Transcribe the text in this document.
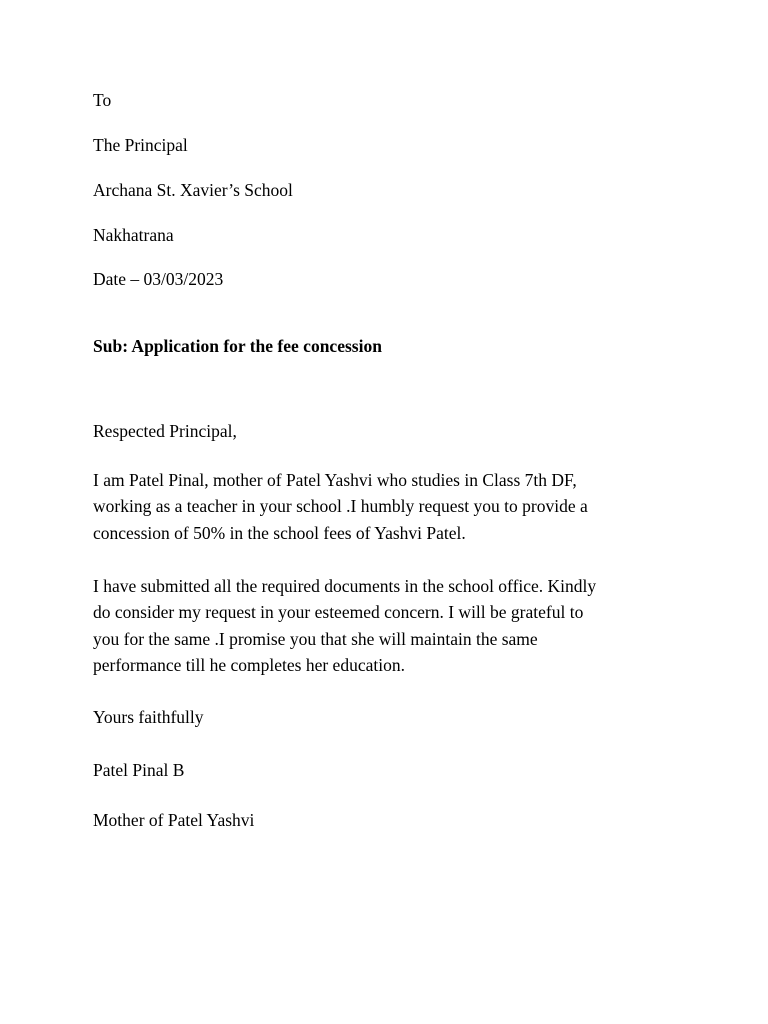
To

The Principal

Archana St. Xavier’s School

Nakhatrana

Date – 03/03/2023

Sub: Application for the fee concession

Respected Principal,

I am Patel Pinal, mother of Patel Yashvi who studies in Class 7th DF,
working as a teacher in your school .I humbly request you to provide a
concession of 50% in the school fees of Yashvi Patel.
I have submitted all the required documents in the school office. Kindly
do consider my request in your esteemed concern. I will be grateful to
you for the same .I promise you that she will maintain the same
performance till he completes her education.

Yours faithfully

Patel Pinal B

Mother of Patel Yashvi
